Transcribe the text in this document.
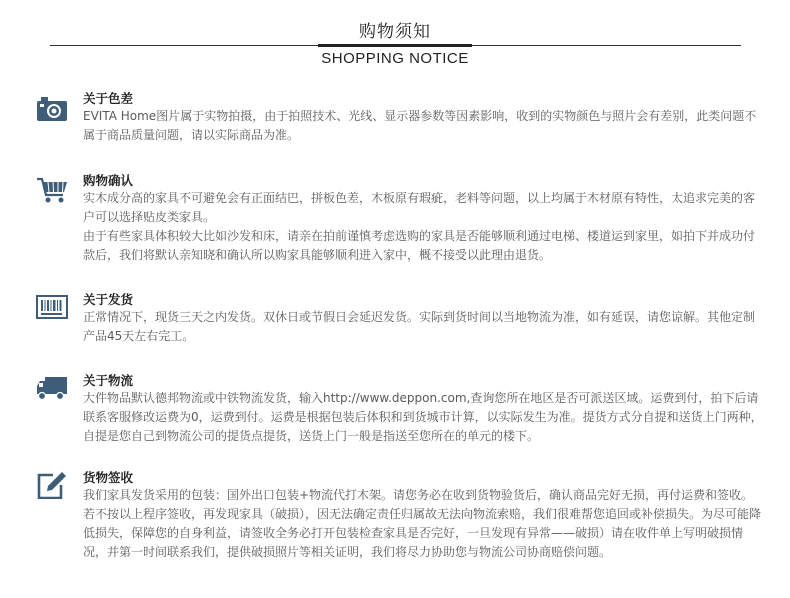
购物须知
SHOPPING NOTICE
关于色差

EVITA Home图片属于实物拍摄，由于拍照技术、光线、显示器参数等因素影响，收到的实物颜色与照片会有差别，此类问题不属于商品质量问题，请以实际商品为准。

购物确认

实木成分高的家具不可避免会有正面结巴，拼板色差，木板原有瑕疵，老料等问题，以上均属于木材原有特性，太追求完美的客户可以选择贴皮类家具。

由于有些家具体积较大比如沙发和床，请亲在拍前谨慎考虑选购的家具是否能够顺利通过电梯、楼道运到家里，如拍下并成功付款后，我们将默认亲知晓和确认所以购家具能够顺利进入家中，概不接受以此理由退货。

关于发货

正常情况下，现货三天之内发货。双休日或节假日会延迟发货。实际到货时间以当地物流为准，如有延误，请您谅解。其他定制产品45天左右完工。

关于物流

大件物品默认德邦物流或中铁物流发货，输入http://www.deppon.com,查询您所在地区是否可派送区域。运费到付，拍下后请联系客服修改运费为0，运费到付。运费是根据包装后体积和到货城市计算，以实际发生为准。提货方式分自提和送货上门两种，自提是您自己到物流公司的提货点提货，送货上门一般是指送至您所在的单元的楼下。

货物签收

我们家具发货采用的包装：国外出口包装+物流代打木架。请您务必在收到货物验货后，确认商品完好无损，再付运费和签收。若不按以上程序签收，再发现家具（破损），因无法确定责任归属故无法向物流索赔，我们很难帮您追回或补偿损失。为尽可能降低损失，保障您的自身利益，请签收全务必打开包装检查家具是否完好，一旦发现有异常——破损）请在收件单上写明破损情况，并第一时间联系我们，提供破损照片等相关证明，我们将尽力协助您与物流公司协商赔偿问题。
